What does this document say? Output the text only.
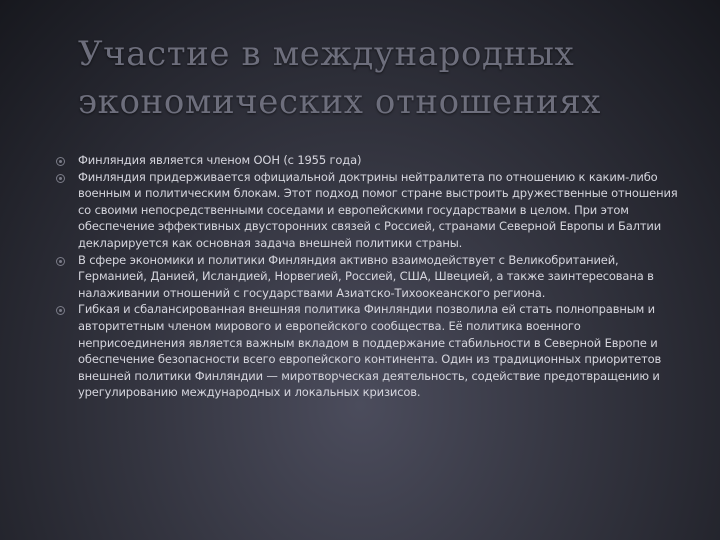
Участие в международных
экономических отношениях
Финляндия является членом ООН (с 1955 года)
Финляндия придерживается официальной доктрины нейтралитета по отношению к каким-либо военным и политическим блокам. Этот подход помог стране выстроить дружественные отношения со своими непосредственными соседами и европейскими государствами в целом. При этом обеспечение эффективных двусторонних связей с Россией, странами Северной Европы и Балтии декларируется как основная задача внешней политики страны.
В сфере экономики и политики Финляндия активно взаимодействует с Великобританией, Германией, Данией, Исландией, Норвегией, Россией, США, Швецией, а также заинтересована в налаживании отношений с государствами Азиатско-Тихоокеанского региона.
Гибкая и сбалансированная внешняя политика Финляндии позволила ей стать полноправным и авторитетным членом мирового и европейского сообщества. Её политика военного неприсоединения является важным вкладом в поддержание стабильности в Северной Европе и обеспечение безопасности всего европейского континента. Один из традиционных приоритетов внешней политики Финляндии — миротворческая деятельность, содействие предотвращению и урегулированию международных и локальных кризисов.
